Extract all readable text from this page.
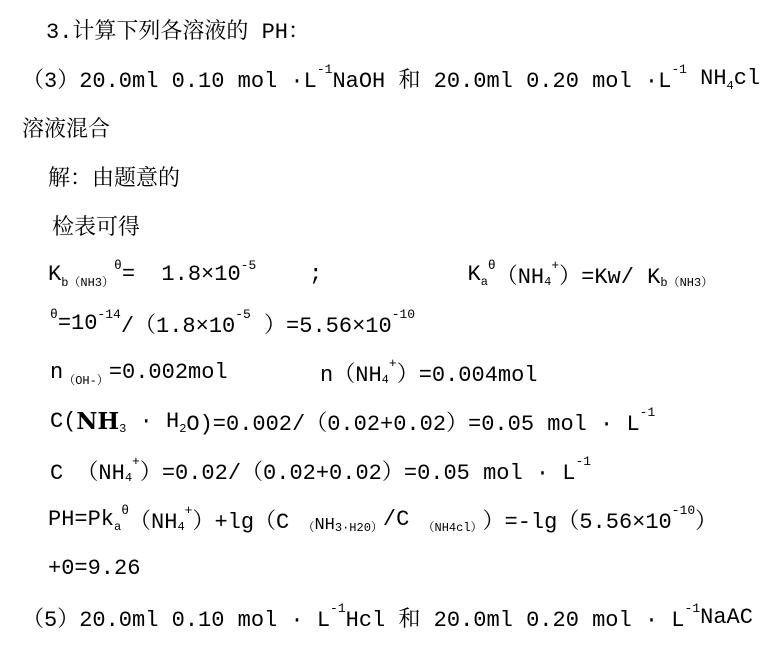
3.计算下列各溶液的 PH：
（3）20.0ml 0.10 mol ·L -1 NaOH 和 20.0ml 0.20 mol ·L -1 NH 4 cl
溶液混合
解：由题意的
检表可得
K b（NH3）
θ =  1.8×10 -5 ; K a
θ （NH 4
+ ）=Kw/ K b（NH3）
θ =10 -14 /（1.8×10 -5 ）=5.56×10 -10
n （OH-） =0.002mol n（NH 4
+ ）=0.004mol
C( NH 3 · H 2 O)=0.002/（0.02+0.02）=0.05 mol · L -1
C （NH 4
+ ）=0.02/（0.02+0.02）=0.05 mol · L -1
PH=Pk a
θ （NH 4
+ ）+lg（C （ NH 3·H20） /C （NH4cl） ）=-lg（5.56×10 -10 ）
+0=9.26
（5）20.0ml 0.10 mol · L -1 Hcl 和 20.0ml 0.20 mol · L -1 NaAC
